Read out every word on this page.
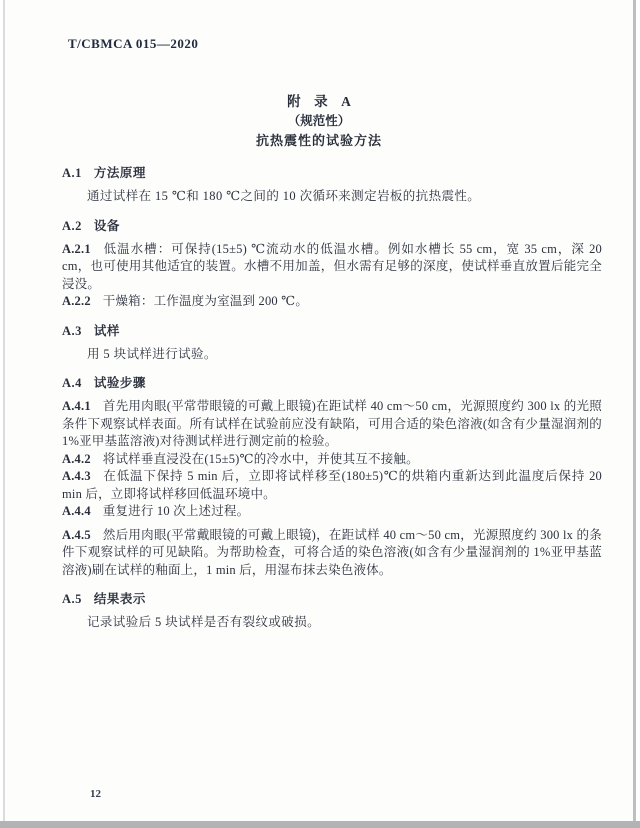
T/CBMCA 015—2020
附　录　A
（规范性）
抗热震性的试验方法
A.1 方法原理

通过试样在 15 ℃和 180 ℃之间的 10 次循环来测定岩板的抗热震性。

A.2 设备

A.2.1 低温水槽：可保持(15±5) ℃流动水的低温水槽。例如水槽长 55 cm，宽 35 cm，深 20 cm，也可使用其他适宜的装置。水槽不用加盖，但水需有足够的深度，使试样垂直放置后能完全浸没。

A.2.2 干燥箱：工作温度为室温到 200 ℃。

A.3 试样

用 5 块试样进行试验。

A.4 试验步骤

A.4.1 首先用肉眼(平常带眼镜的可戴上眼镜)在距试样 40 cm～50 cm，光源照度约 300 lx 的光照条件下观察试样表面。所有试样在试验前应没有缺陷，可用合适的染色溶液(如含有少量湿润剂的 1%亚甲基蓝溶液)对待测试样进行测定前的检验。

A.4.2 将试样垂直浸没在(15±5)℃的冷水中，并使其互不接触。

A.4.3 在低温下保持 5 min 后，立即将试样移至(180±5)℃的烘箱内重新达到此温度后保持 20 min 后，立即将试样移回低温环境中。

A.4.4 重复进行 10 次上述过程。

A.4.5 然后用肉眼(平常戴眼镜的可戴上眼镜)，在距试样 40 cm～50 cm，光源照度约 300 lx 的条件下观察试样的可见缺陷。为帮助检查，可将合适的染色溶液(如含有少量湿润剂的 1%亚甲基蓝溶液)刷在试样的釉面上，1 min 后，用湿布抹去染色液体。

A.5 结果表示

记录试验后 5 块试样是否有裂纹或破损。

12
